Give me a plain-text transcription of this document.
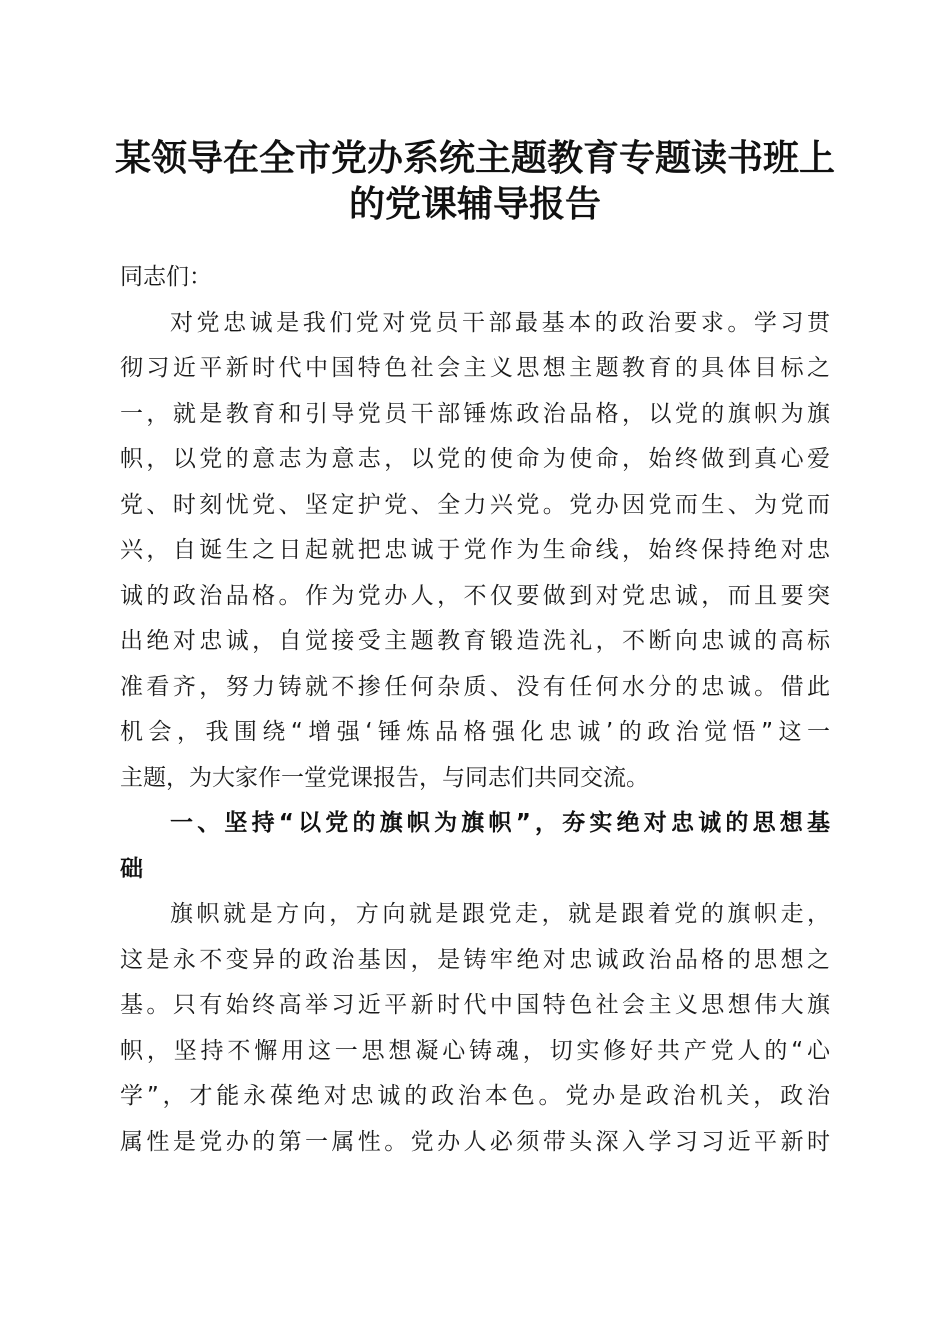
某领导在全市党办系统主题教育专题读书班上
的党课辅导报告
同志们：
对党忠诚是我们党对党员干部最基本的政治要求。学习贯
彻习近平新时代中国特色社会主义思想主题教育的具体目标之
一，就是教育和引导党员干部锤炼政治品格，以党的旗帜为旗
帜，以党的意志为意志，以党的使命为使命，始终做到真心爱
党、时刻忧党、坚定护党、全力兴党。党办因党而生、为党而
兴，自诞生之日起就把忠诚于党作为生命线，始终保持绝对忠
诚的政治品格。作为党办人，不仅要做到对党忠诚，而且要突
出绝对忠诚，自觉接受主题教育锻造洗礼，不断向忠诚的高标
准看齐，努力铸就不掺任何杂质、没有任何水分的忠诚。借此
机会，我围绕“增强‘锤炼品格强化忠诚’的政治觉悟”这一
主题，为大家作一堂党课报告，与同志们共同交流。
一、坚持“以党的旗帜为旗帜”，夯实绝对忠诚的思想基
础
旗帜就是方向，方向就是跟党走，就是跟着党的旗帜走，
这是永不变异的政治基因，是铸牢绝对忠诚政治品格的思想之
基。只有始终高举习近平新时代中国特色社会主义思想伟大旗
帜，坚持不懈用这一思想凝心铸魂，切实修好共产党人的“心
学”，才能永葆绝对忠诚的政治本色。党办是政治机关，政治
属性是党办的第一属性。党办人必须带头深入学习习近平新时
